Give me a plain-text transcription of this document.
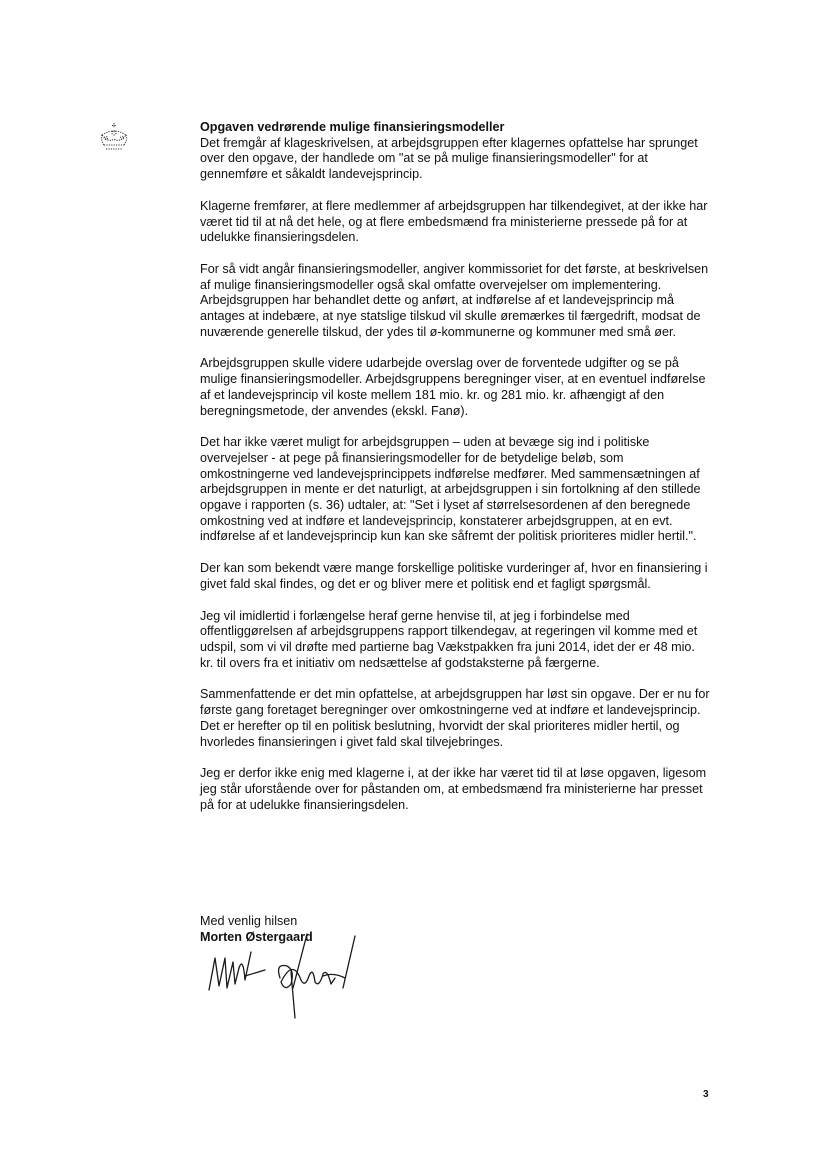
Opgaven vedrørende mulige finansieringsmodeller

Det fremgår af klageskrivelsen, at arbejdsgruppen efter klagernes opfattelse har sprunget over den opgave, der handlede om "at se på mulige finansieringsmodeller" for at gennemføre et såkaldt landevejsprincip.

Klagerne fremfører, at flere medlemmer af arbejdsgruppen har tilkendegivet, at der ikke har været tid til at nå det hele, og at flere embedsmænd fra ministerierne pressede på for at udelukke finansieringsdelen.

For så vidt angår finansieringsmodeller, angiver kommissoriet for det første, at beskrivelsen af mulige finansieringsmodeller også skal omfatte overvejelser om implementering. Arbejdsgruppen har behandlet dette og anført, at indførelse af et landevejsprincip må antages at indebære, at nye statslige tilskud vil skulle øremærkes til færgedrift, modsat de nuværende generelle tilskud, der ydes til ø-kommunerne og kommuner med små øer.

Arbejdsgruppen skulle videre udarbejde overslag over de forventede udgifter og se på mulige finansieringsmodeller. Arbejdsgruppens beregninger viser, at en eventuel indførelse af et landevejsprincip vil koste mellem 181 mio. kr. og 281 mio. kr. afhængigt af den beregningsmetode, der anvendes (ekskl. Fanø).

Det har ikke været muligt for arbejdsgruppen – uden at bevæge sig ind i politiske overvejelser - at pege på finansieringsmodeller for de betydelige beløb, som omkostningerne ved landevejsprincippets indførelse medfører. Med sammensætningen af arbejdsgruppen in mente er det naturligt, at arbejdsgruppen i sin fortolkning af den stillede opgave i rapporten (s. 36) udtaler, at: "Set i lyset af størrelsesordenen af den beregnede omkostning ved at indføre et landevejsprincip, konstaterer arbejdsgruppen, at en evt. indførelse af et landevejsprincip kun kan ske såfremt der politisk prioriteres midler hertil.".

Der kan som bekendt være mange forskellige politiske vurderinger af, hvor en finansiering i givet fald skal findes, og det er og bliver mere et politisk end et fagligt spørgsmål.

Jeg vil imidlertid i forlængelse heraf gerne henvise til, at jeg i forbindelse med offentliggørelsen af arbejdsgruppens rapport tilkendegav, at regeringen vil komme med et udspil, som vi vil drøfte med partierne bag Vækstpakken fra juni 2014, idet der er 48 mio. kr. til overs fra et initiativ om nedsættelse af godstaksterne på færgerne.

Sammenfattende er det min opfattelse, at arbejdsgruppen har løst sin opgave. Der er nu for første gang foretaget beregninger over omkostningerne ved at indføre et landevejsprincip. Det er herefter op til en politisk beslutning, hvorvidt der skal prioriteres midler hertil, og hvorledes finansieringen i givet fald skal tilvejebringes.

Jeg er derfor ikke enig med klagerne i, at der ikke har været tid til at løse opgaven, ligesom jeg står uforstående over for påstanden om, at embedsmænd fra ministerierne har presset på for at udelukke finansieringsdelen.

Med venlig hilsen
Morten Østergaard
3
